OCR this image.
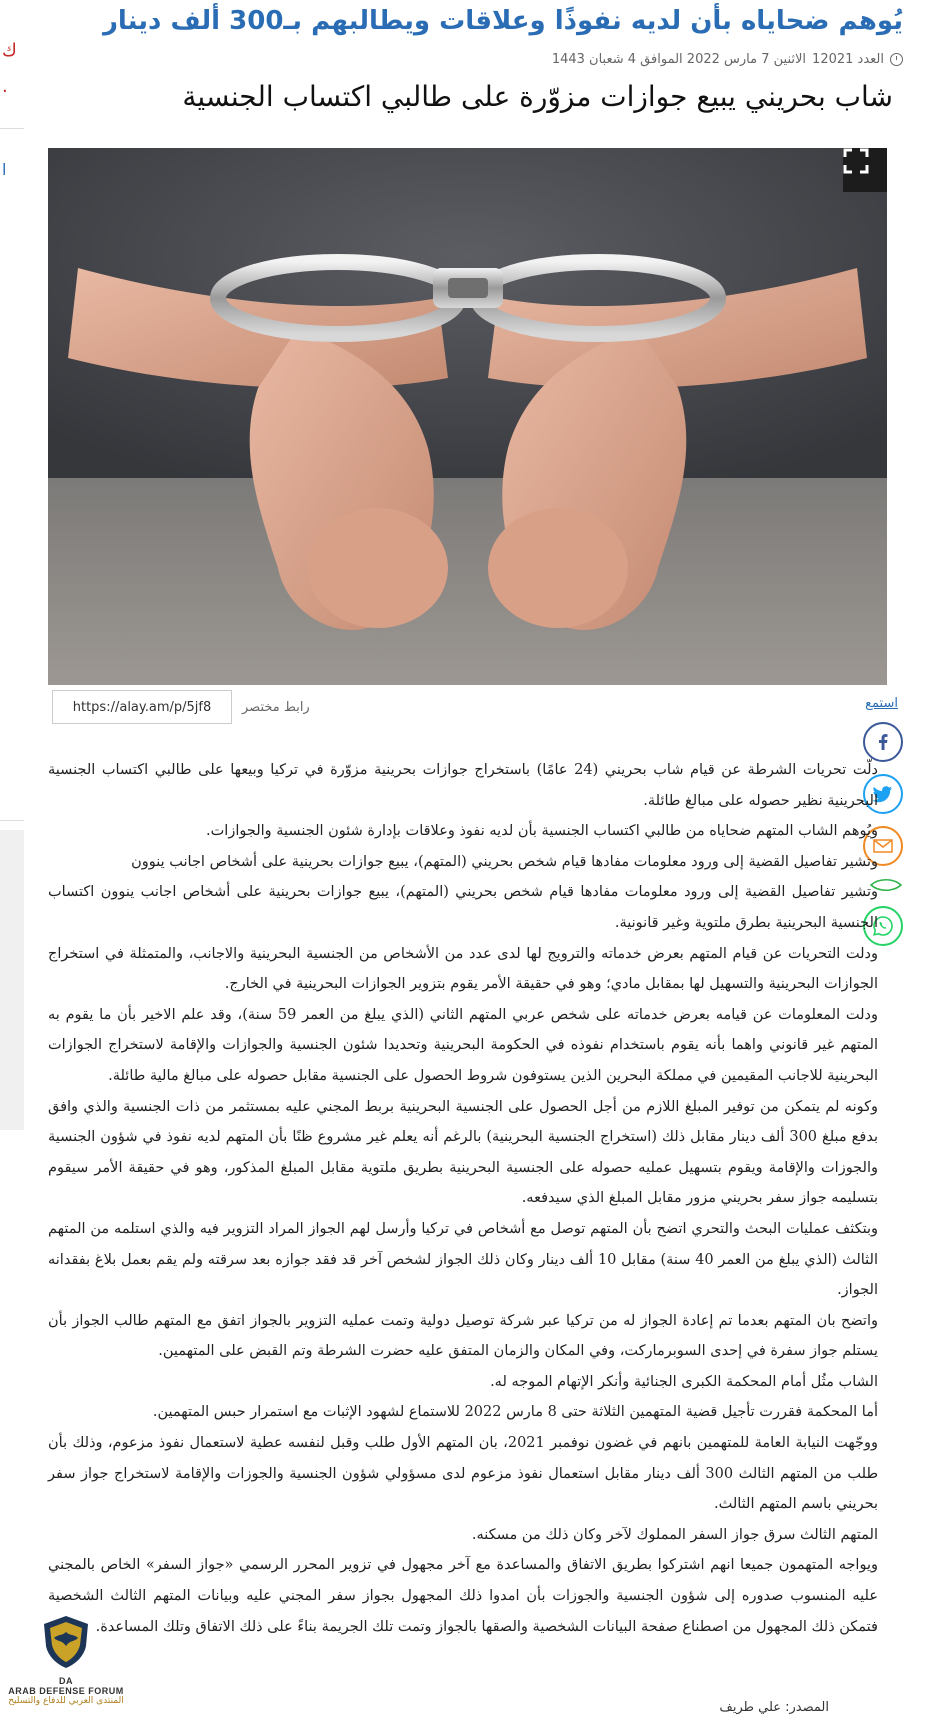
ك
.
ا
يُوهم ضحاياه بأن لديه نفوذًا وعلاقات ويطالبهم بـ300 ألف دينار
العدد 12021
الاثنين 7 مارس 2022 الموافق 4 شعبان 1443
شاب بحريني يبيع جوازات مزوّرة على طالبي اكتساب الجنسية
رابط مختصر
https://alay.am/p/5jf8	استمع

دلّت تحريات الشرطة عن قيام شاب بحريني (24 عامًا) باستخراج جوازات بحرينية مزوّرة في تركيا وبيعها على طالبي اكتساب الجنسية البحرينية نظير حصوله على مبالغ طائلة.

ويُوهم الشاب المتهم ضحاياه من طالبي اكتساب الجنسية بأن لديه نفوذ وعلاقات بإدارة شئون الجنسية والجوازات.

وتشير تفاصيل القضية إلى ورود معلومات مفادها قيام شخص بحريني (المتهم)، يبيع جوازات بحرينية على أشخاص اجانب ينوون

وتشير تفاصيل القضية إلى ورود معلومات مفادها قيام شخص بحريني (المتهم)، يبيع جوازات بحرينية على أشخاص اجانب ينوون اكتساب الجنسية البحرينية بطرق ملتوية وغير قانونية.

ودلت التحريات عن قيام المتهم بعرض خدماته والترويج لها لدى عدد من الأشخاص من الجنسية البحرينية والاجانب، والمتمثلة في استخراج الجوازات البحرينية والتسهيل لها بمقابل مادي؛ وهو في حقيقة الأمر يقوم بتزوير الجوازات البحرينية في الخارج.

ودلت المعلومات عن قيامه بعرض خدماته على شخص عربي المتهم الثاني (الذي يبلغ من العمر 59 سنة)، وقد علم الاخير بأن ما يقوم به المتهم غير قانوني واهما بأنه يقوم باستخدام نفوذه في الحكومة البحرينية وتحديدا شئون الجنسية والجوازات والإقامة لاستخراج الجوازات البحرينية للاجانب المقيمين في مملكة البحرين الذين يستوفون شروط الحصول على الجنسية مقابل حصوله على مبالغ مالية طائلة.

وكونه لم يتمكن من توفير المبلغ اللازم من أجل الحصول على الجنسية البحرينية بربط المجني عليه بمستثمر من ذات الجنسية والذي وافق بدفع مبلغ 300 ألف دينار مقابل ذلك (استخراج الجنسية البحرينية) بالرغم أنه يعلم غير مشروع ظنًا بأن المتهم لديه نفوذ في شؤون الجنسية والجوزات والإقامة ويقوم بتسهيل عمليه حصوله على الجنسية البحرينية بطريق ملتوية مقابل المبلغ المذكور، وهو في حقيقة الأمر سيقوم بتسليمه جواز سفر بحريني مزور مقابل المبلغ الذي سيدفعه.

وبتكثف عمليات البحث والتحري اتضح بأن المتهم توصل مع أشخاص في تركيا وأرسل لهم الجواز المراد التزوير فيه والذي استلمه من المتهم الثالث (الذي يبلغ من العمر 40 سنة) مقابل 10 ألف دينار وكان ذلك الجواز لشخص آخر قد فقد جوازه بعد سرقته ولم يقم بعمل بلاغ بفقدانه الجواز.

واتضح بان المتهم بعدما تم إعادة الجواز له من تركيا عبر شركة توصيل دولية وتمت عمليه التزوير بالجواز اتفق مع المتهم طالب الجواز بأن يستلم جواز سفرة في إحدى السوبرماركت، وفي المكان والزمان المتفق عليه حضرت الشرطة وتم القبض على المتهمين.

الشاب مثُل أمام المحكمة الكبرى الجنائية وأنكر الإتهام الموجه له.

أما المحكمة فقررت تأجيل قضية المتهمين الثلاثة حتى 8 مارس 2022 للاستماع لشهود الإثبات مع استمرار حبس المتهمين.

ووجّهت النيابة العامة للمتهمين بانهم في غضون نوفمبر 2021، بان المتهم الأول طلب وقبل لنفسه عطية لاستعمال نفوذ مزعوم، وذلك بأن طلب من المتهم الثالث 300 ألف دينار مقابل استعمال نفوذ مزعوم لدى مسؤولي شؤون الجنسية والجوزات والإقامة لاستخراج جواز سفر بحريني باسم المتهم الثالث.

المتهم الثالث سرق جواز السفر المملوك لآخر وكان ذلك من مسكنه.

ويواجه المتهمون جميعا انهم اشتركوا بطريق الاتفاق والمساعدة مع آخر مجهول في تزوير المحرر الرسمي «جواز السفر» الخاص بالمجني عليه المنسوب صدوره إلى شؤون الجنسية والجوزات بأن امدوا ذلك المجهول بجواز سفر المجني عليه وبيانات المتهم الثالث الشخصية فتمكن ذلك المجهول من اصطناع صفحة البيانات الشخصية والصقها بالجواز وتمت تلك الجريمة بناءً على ذلك الاتفاق وتلك المساعدة.

المصدر: علي طريف
DA
ARAB DEFENSE FORUM
المنتدى العربي للدفاع والتسليح
